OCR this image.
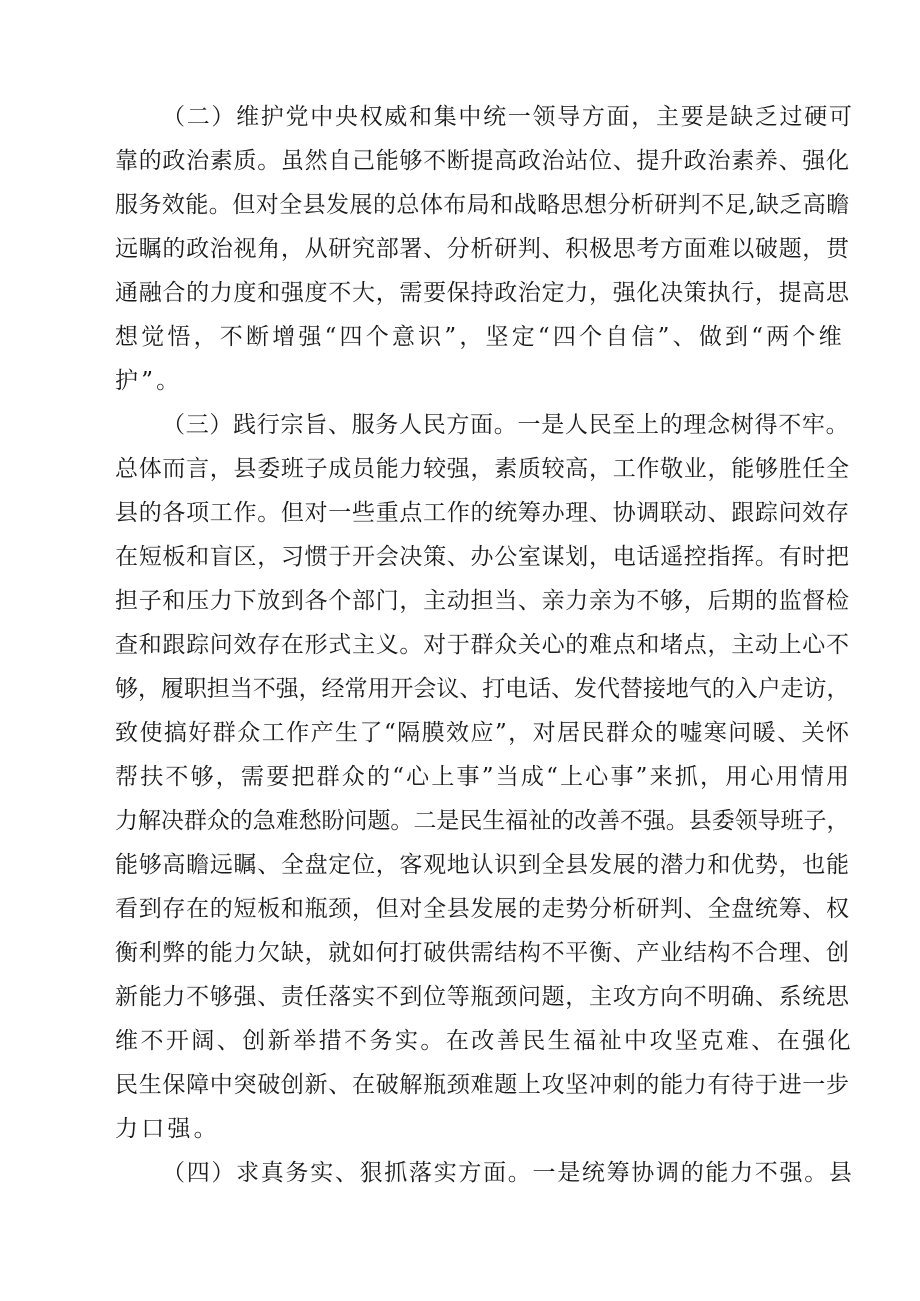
（二）维护党中央权威和集中统一领导方面，主要是缺乏过硬可
靠的政治素质。虽然自己能够不断提高政治站位、提升政治素养、强化
服务效能。但对全县发展的总体布局和战略思想分析研判不足,缺乏高瞻
远瞩的政治视角，从研究部署、分析研判、积极思考方面难以破题，贯
通融合的力度和强度不大，需要保持政治定力，强化决策执行，提高思
想觉悟，不断增强“四个意识”，坚定“四个自信”、做到“两个维
护”。
（三）践行宗旨、服务人民方面。一是人民至上的理念树得不牢。
总体而言，县委班子成员能力较强，素质较高，工作敬业，能够胜任全
县的各项工作。但对一些重点工作的统筹办理、协调联动、跟踪问效存
在短板和盲区，习惯于开会决策、办公室谋划，电话遥控指挥。有时把
担子和压力下放到各个部门，主动担当、亲力亲为不够，后期的监督检
查和跟踪问效存在形式主义。对于群众关心的难点和堵点，主动上心不
够，履职担当不强，经常用开会议、打电话、发代替接地气的入户走访，
致使搞好群众工作产生了“隔膜效应”，对居民群众的嘘寒问暖、关怀
帮扶不够，需要把群众的“心上事”当成“上心事”来抓，用心用情用
力解决群众的急难愁盼问题。二是民生福祉的改善不强。县委领导班子，
能够高瞻远瞩、全盘定位，客观地认识到全县发展的潜力和优势，也能
看到存在的短板和瓶颈，但对全县发展的走势分析研判、全盘统筹、权
衡利弊的能力欠缺，就如何打破供需结构不平衡、产业结构不合理、创
新能力不够强、责任落实不到位等瓶颈问题，主攻方向不明确、系统思
维不开阔、创新举措不务实。在改善民生福祉中攻坚克难、在强化
民生保障中突破创新、在破解瓶颈难题上攻坚冲刺的能力有待于进一步
力口强。
（四）求真务实、狠抓落实方面。一是统筹协调的能力不强。县
